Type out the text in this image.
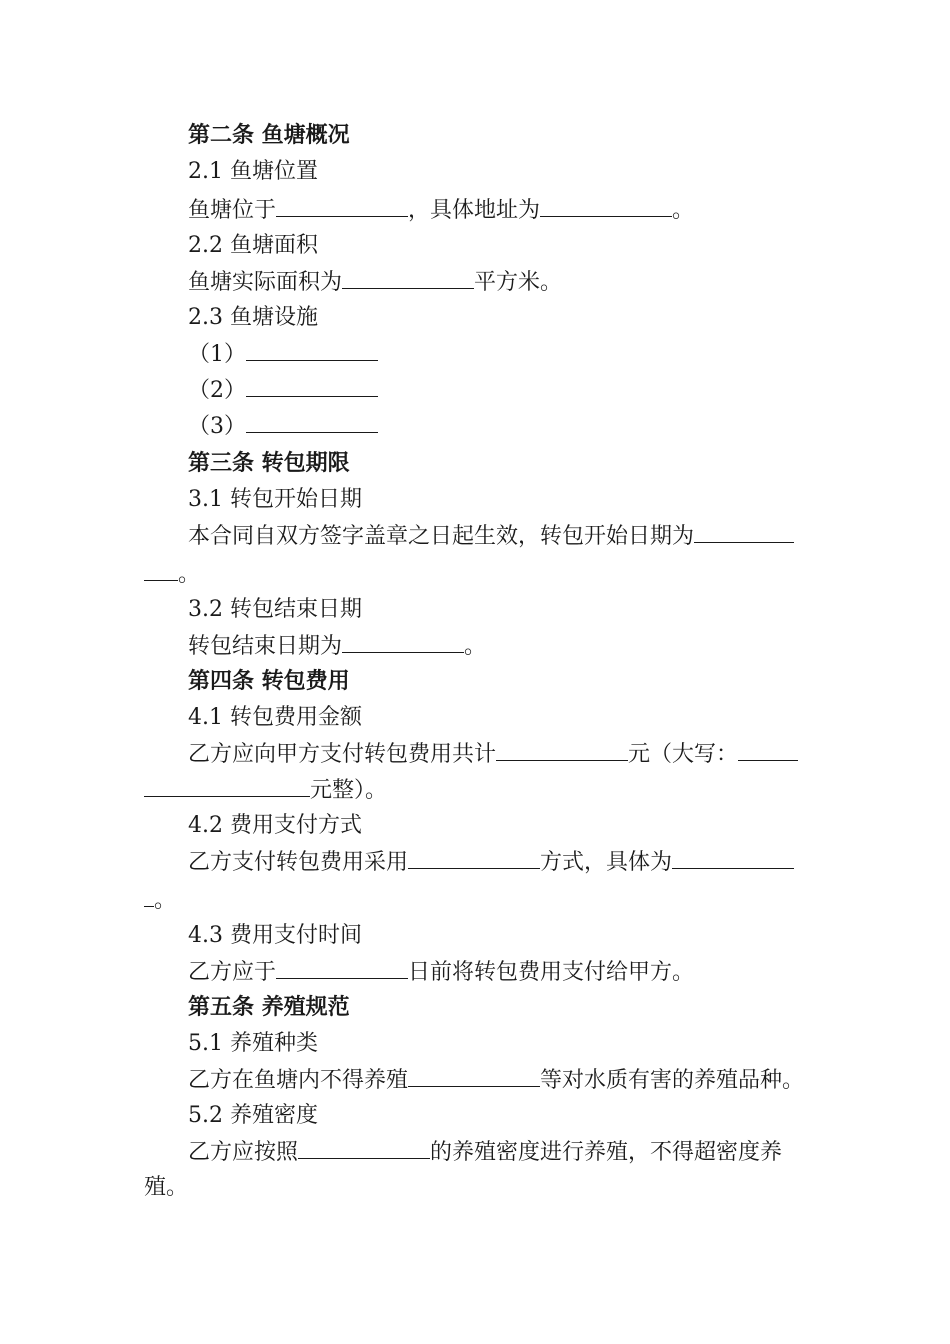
第二条 鱼塘概况

2.1 鱼塘位置

鱼塘位于	，具体地址为	。

2.2 鱼塘面积

鱼塘实际面积为	平方米。

2.3 鱼塘设施

（1）

（2）

（3）

第三条 转包期限

3.1 转包开始日期

本合同自双方签字盖章之日起生效，转包开始日期为

。

3.2 转包结束日期

转包结束日期为	。

第四条 转包费用

4.1 转包费用金额

乙方应向甲方支付转包费用共计	元（大写：

元整）。

4.2 费用支付方式

乙方支付转包费用采用	方式，具体为

。

4.3 费用支付时间

乙方应于	日前将转包费用支付给甲方。

第五条 养殖规范

5.1 养殖种类

乙方在鱼塘内不得养殖	等对水质有害的养殖品种。

5.2 养殖密度

乙方应按照	的养殖密度进行养殖，不得超密度养

殖。
